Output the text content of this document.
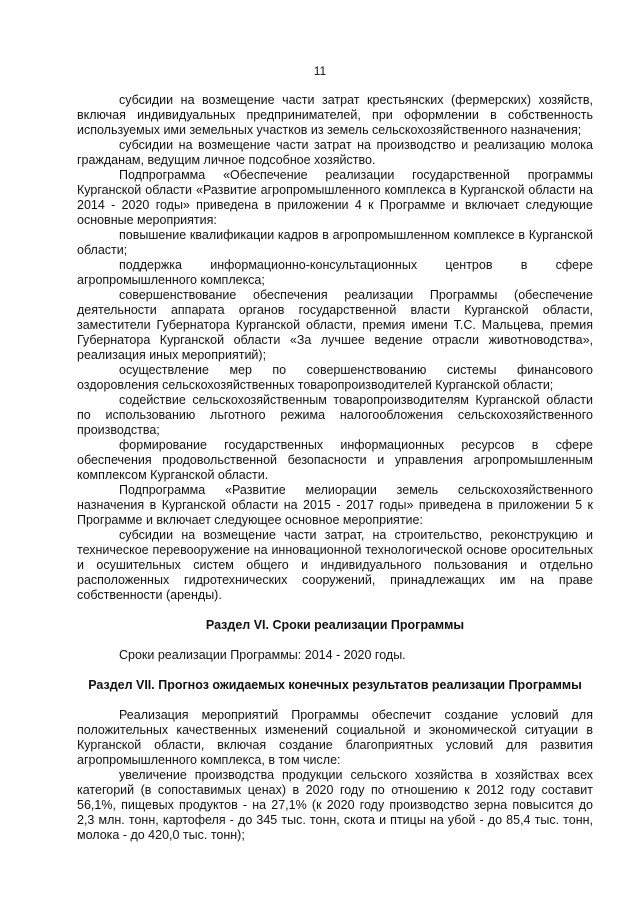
11

субсидии на возмещение части затрат крестьянских (фермерских) хозяйств, включая индивидуальных предпринимателей, при оформлении в собственность используемых ими земельных участков из земель сельскохозяйственного назначения;

субсидии на возмещение части затрат на производство и реализацию молока гражданам, ведущим личное подсобное хозяйство.

Подпрограмма «Обеспечение реализации государственной программы Курганской области «Развитие агропромышленного комплекса в Курганской области на 2014 - 2020 годы» приведена в приложении 4 к Программе и включает следующие основные мероприятия:

повышение квалификации кадров в агропромышленном комплексе в Курганской области;

поддержка информационно-консультационных центров в сфере агропромышленного комплекса;

совершенствование обеспечения реализации Программы (обеспечение деятельности аппарата органов государственной власти Курганской области, заместители Губернатора Курганской области, премия имени Т.С. Мальцева, премия Губернатора Курганской области «За лучшее ведение отрасли животноводства», реализация иных мероприятий);

осуществление мер по совершенствованию системы финансового оздоровления сельскохозяйственных товаропроизводителей Курганской области;

содействие сельскохозяйственным товаропроизводителям Курганской области по использованию льготного режима налогообложения сельскохозяйственного производства;

формирование государственных информационных ресурсов в сфере обеспечения продовольственной безопасности и управления агропромышленным комплексом Курганской области.

Подпрограмма «Развитие мелиорации земель сельскохозяйственного назначения в Курганской области на 2015 - 2017 годы» приведена в приложении 5 к Программе и включает следующее основное мероприятие:

субсидии на возмещение части затрат, на строительство, реконструкцию и техническое перевооружение на инновационной технологической основе оросительных и осушительных систем общего и индивидуального пользования и отдельно расположенных гидротехнических сооружений, принадлежащих им на праве собственности (аренды).

Раздел VI. Сроки реализации Программы

Сроки реализации Программы: 2014 - 2020 годы.

Раздел VII. Прогноз ожидаемых конечных результатов реализации Программы

Реализация мероприятий Программы обеспечит создание условий для положительных качественных изменений социальной и экономической ситуации в Курганской области, включая создание благоприятных условий для развития агропромышленного комплекса, в том числе:

увеличение производства продукции сельского хозяйства в хозяйствах всех категорий (в сопоставимых ценах) в 2020 году по отношению к 2012 году составит 56,1%, пищевых продуктов - на 27,1% (к 2020 году производство зерна повысится до 2,3 млн. тонн, картофеля - до 345 тыс. тонн, скота и птицы на убой - до 85,4 тыс. тонн, молока - до 420,0 тыс. тонн);
